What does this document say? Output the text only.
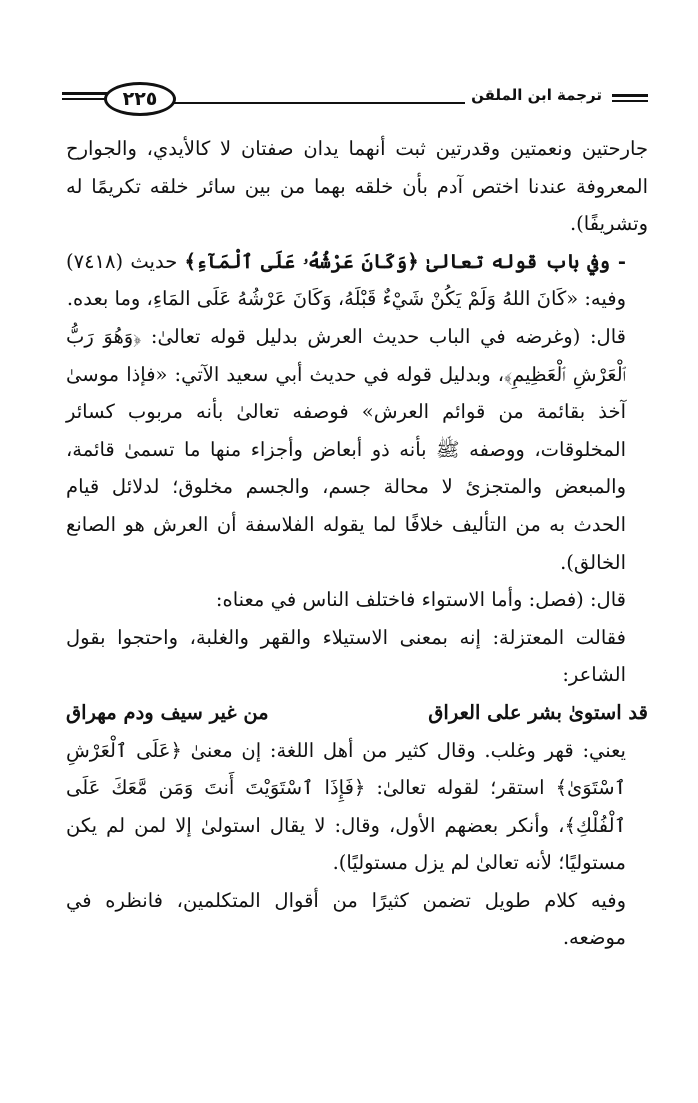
٢٢٥	ترجمة ابن الملقن

جارحتين ونعمتين وقدرتين ثبت أنهما يدان صفتان لا كالأيدي، والجوارح المعروفة عندنا اختص آدم بأن خلقه بهما من بين سائر خلقه تكريمًا له وتشريفًا).

- وفي باب قوله تعالىٰ ﴿وَكَانَ عَرْشُهُۥ عَلَى ٱلْمَآءِ﴾ حديث (٧٤١٨) وفيه: «كَانَ اللهُ وَلَمْ يَكُنْ شَيْءٌ قَبْلَهُ، وَكَانَ عَرْشُهُ عَلَى المَاءِ، وما بعده.

قال: (وغرضه في الباب حديث العرش بدليل قوله تعالىٰ: ﴿وَهُوَ رَبُّ ٱلْعَرْشِ ٱلْعَظِيمِ﴾، وبدليل قوله في حديث أبي سعيد الآتي: «فإذا موسىٰ آخذ بقائمة من قوائم العرش» فوصفه تعالىٰ بأنه مربوب كسائر المخلوقات، ووصفه ﷺ بأنه ذو أبعاض وأجزاء منها ما تسمىٰ قائمة، والمبعض والمتجزئ لا محالة جسم، والجسم مخلوق؛ لدلائل قيام الحدث به من التأليف خلافًا لما يقوله الفلاسفة أن العرش هو الصانع الخالق).

قال: (فصل: وأما الاستواء فاختلف الناس في معناه:

فقالت المعتزلة: إنه بمعنى الاستيلاء والقهر والغلبة، واحتجوا بقول الشاعر:

قد استوىٰ بشر على العراق
من غير سيف ودم مهراق

يعني: قهر وغلب. وقال كثير من أهل اللغة: إن معنىٰ ﴿عَلَى ٱلْعَرْشِ ٱسْتَوَىٰ﴾ استقر؛ لقوله تعالىٰ: ﴿فَإِذَا ٱسْتَوَيْتَ أَنتَ وَمَن مَّعَكَ عَلَى ٱلْفُلْكِ﴾، وأنكر بعضهم الأول، وقال: لا يقال استولىٰ إلا لمن لم يكن مستوليًا؛ لأنه تعالىٰ لم يزل مستوليًا).

وفيه كلام طويل تضمن كثيرًا من أقوال المتكلمين، فانظره في موضعه.
